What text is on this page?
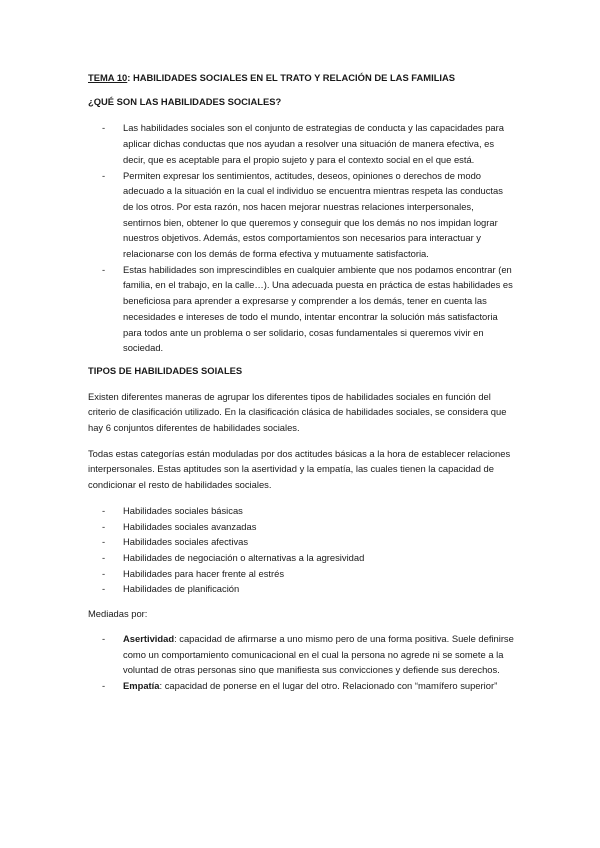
TEMA 10: HABILIDADES SOCIALES EN EL TRATO Y RELACIÓN DE LAS FAMILIAS

¿QUÉ SON LAS HABILIDADES SOCIALES?

- Las habilidades sociales son el conjunto de estrategias de conducta y las capacidades para aplicar dichas conductas que nos ayudan a resolver una situación de manera efectiva, es decir, que es aceptable para el propio sujeto y para el contexto social en el que está.
- Permiten expresar los sentimientos, actitudes, deseos, opiniones o derechos de modo adecuado a la situación en la cual el individuo se encuentra mientras respeta las conductas de los otros. Por esta razón, nos hacen mejorar nuestras relaciones interpersonales, sentirnos bien, obtener lo que queremos y conseguir que los demás no nos impidan lograr nuestros objetivos. Además, estos comportamientos son necesarios para interactuar y relacionarse con los demás de forma efectiva y mutuamente satisfactoria.
- Estas habilidades son imprescindibles en cualquier ambiente que nos podamos encontrar (en familia, en el trabajo, en la calle…). Una adecuada puesta en práctica de estas habilidades es beneficiosa para aprender a expresarse y comprender a los demás, tener en cuenta las necesidades e intereses de todo el mundo, intentar encontrar la solución más satisfactoria para todos ante un problema o ser solidario, cosas fundamentales si queremos vivir en sociedad.

TIPOS DE HABILIDADES SOIALES

Existen diferentes maneras de agrupar los diferentes tipos de habilidades sociales en función del criterio de clasificación utilizado. En la clasificación clásica de habilidades sociales, se considera que hay 6 conjuntos diferentes de habilidades sociales.

Todas estas categorías están moduladas por dos actitudes básicas a la hora de establecer relaciones interpersonales. Estas aptitudes son la asertividad y la empatía, las cuales tienen la capacidad de condicionar el resto de habilidades sociales.

- Habilidades sociales básicas
- Habilidades sociales avanzadas
- Habilidades sociales afectivas
- Habilidades de negociación o alternativas a la agresividad
- Habilidades para hacer frente al estrés
- Habilidades de planificación

Mediadas por:

- Asertividad: capacidad de afirmarse a uno mismo pero de una forma positiva. Suele definirse como un comportamiento comunicacional en el cual la persona no agrede ni se somete a la voluntad de otras personas sino que manifiesta sus convicciones y defiende sus derechos.
- Empatía: capacidad de ponerse en el lugar del otro. Relacionado con “mamífero superior”
